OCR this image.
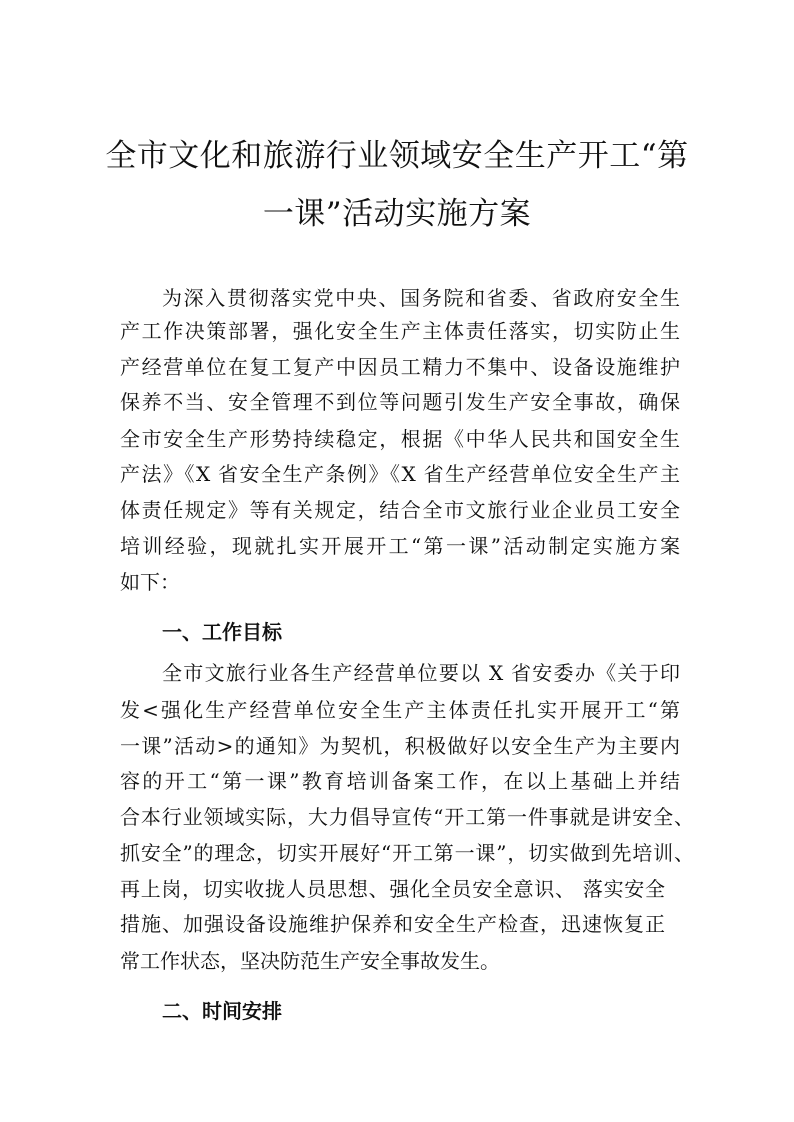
全市文化和旅游行业领域安全生产开工“第
一课”活动实施方案
为深入贯彻落实党中央、国务院和省委、省政府安全生
产工作决策部署，强化安全生产主体责任落实，切实防止生
产经营单位在复工复产中因员工精力不集中、设备设施维护
保养不当、安全管理不到位等问题引发生产安全事故，确保
全市安全生产形势持续稳定，根据《中华人民共和国安全生
产法》《X 省安全生产条例》《X 省生产经营单位安全生产主
体责任规定》等有关规定，结合全市文旅行业企业员工安全
培训经验，现就扎实开展开工“第一课”活动制定实施方案
如下：
一、工作目标
全市文旅行业各生产经营单位要以 X 省安委办《关于印
发<强化生产经营单位安全生产主体责任扎实开展开工“第
一课”活动>的通知》为契机，积极做好以安全生产为主要内
容的开工“第一课”教育培训备案工作，在以上基础上并结
合本行业领域实际，大力倡导宣传“开工第一件事就是讲安全、
抓安全”的理念，切实开展好“开工第一课”，切实做到先培训、
再上岗，切实收拢人员思想、强化全员安全意识、 落实安全
措施、加强设备设施维护保养和安全生产检查，迅速恢复正
常工作状态，坚决防范生产安全事故发生。
二、时间安排
